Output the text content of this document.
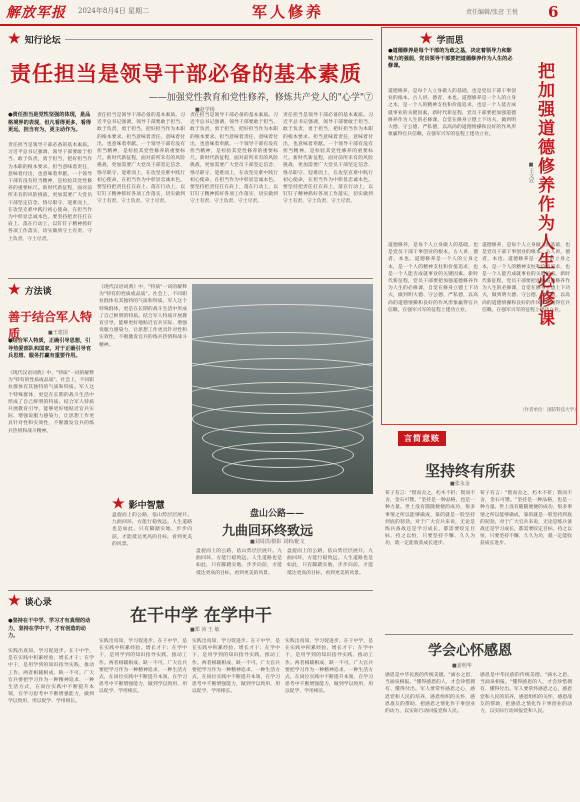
解放军报 2024年8月4日 星期二	军人修养	责任编辑/张萱 王悦 6
★ 知行论坛
责任担当是领导干部必备的基本素质
——加强党性教育和党性修养，修炼共产党人的"心学"⑦
■赵学杨
●责任担当是党性坚强的体现，是品格境界的表现，但凡看得更多，看得更远，担当有为，更主动作为。
责任担当是领导干部必备的基本素质。习近平总书记强调，领导干部要敢于担当、敢于负责，勇于担当，把好担当作为本职的根本要求。担当意味着责任，意味着付出，也意味着奉献。一个领导干部有没有担当精神，是检验其党性修养的重要标尺。新时代新征程，面对前所未有的风险挑战，更加需要广大党员干部坚定信念、恪尽职守、迎难而上，在攻坚克难中践行初心使命，在担当作为中彰显忠诚本色。要坚持把责任扛在肩上、落在行动上，以钉钉子精神抓好各项工作落实，切实做到守土有责、守土负责、守土尽责。
责任担当是领导干部必备的基本素质。习近平总书记强调，领导干部要敢于担当、敢于负责，勇于担当，把好担当作为本职的根本要求。担当意味着责任，意味着付出，也意味着奉献。一个领导干部有没有担当精神，是检验其党性修养的重要标尺。新时代新征程，面对前所未有的风险挑战，更加需要广大党员干部坚定信念、恪尽职守、迎难而上，在攻坚克难中践行初心使命，在担当作为中彰显忠诚本色。要坚持把责任扛在肩上、落在行动上，以钉钉子精神抓好各项工作落实，切实做到守土有责、守土负责、守土尽责。
责任担当是领导干部必备的基本素质。习近平总书记强调，领导干部要敢于担当、敢于负责，勇于担当，把好担当作为本职的根本要求。担当意味着责任，意味着付出，也意味着奉献。一个领导干部有没有担当精神，是检验其党性修养的重要标尺。新时代新征程，面对前所未有的风险挑战，更加需要广大党员干部坚定信念、恪尽职守、迎难而上，在攻坚克难中践行初心使命，在担当作为中彰显忠诚本色。要坚持把责任扛在肩上、落在行动上，以钉钉子精神抓好各项工作落实，切实做到守土有责、守土负责、守土尽责。
责任担当是领导干部必备的基本素质。习近平总书记强调，领导干部要敢于担当、敢于负责，勇于担当，把好担当作为本职的根本要求。担当意味着责任，意味着付出，也意味着奉献。一个领导干部有没有担当精神，是检验其党性修养的重要标尺。新时代新征程，面对前所未有的风险挑战，更加需要广大党员干部坚定信念、恪尽职守、迎难而上，在攻坚克难中践行初心使命，在担当作为中彰显忠诚本色。要坚持把责任扛在肩上、落在行动上，以钉钉子精神抓好各项工作落实，切实做到守土有责、守土负责、守土尽责。
★ 方法谈
善于结合军人特质	■王建国
●结合军人特质，正确引导思想，引导热爱部队和国家，对于正确引导官兵思想、服务打赢有重要作用。
《现代汉语词典》中，"特质"一词的解释为"特有的性质或品质"。社会上，不同职业群体有其独特的气质和特质。军人这个特殊群体，更是在长期的战斗生活中形成了自己鲜明的特质。结合军人特质开展教育引导，能够更好地贴近官兵实际、增强说服力感染力，让思想工作更具针对性和实效性，不断激发官兵的练兵热情和战斗精神。
《现代汉语词典》中，"特质"一词的解释为"特有的性质或品质"。社会上，不同职业群体有其独特的气质和特质。军人这个特殊群体，更是在长期的战斗生活中形成了自己鲜明的特质。结合军人特质开展教育引导，能够更好地贴近官兵实际、增强说服力感染力，让思想工作更具针对性和实效性，不断激发官兵的练兵热情和战斗精神。
★ 影中智慧
盘旋而上的公路，依山势层层展开。九曲回环，方能行稳致远。人生道路也是如此，只有脚踏实地、步步向前，才能抵达更高的目标，看到更美的风景。
盘山公路——
九曲回环终致远
■刘周洪/摄影 刘莉/配文
盘旋而上的公路，依山势层层展开。九曲回环，方能行稳致远。人生道路也是如此，只有脚踏实地、步步向前，才能抵达更高的目标，看到更美的风景。
盘旋而上的公路，依山势层层展开。九曲回环，方能行稳致远。人生道路也是如此，只有脚踏实地、步步向前，才能抵达更高的目标，看到更美的风景。
★ 谈心录
在干中学 在学中干
■郑 涛 王 敏
●坚持在干中学、学习才有真理的动力，坚持在学中干，才有创造的动力。
实践出真知，学习促进步。在干中学，是在实践中积累经验、增长才干；在学中干，是用学到的知识指导实践、推动工作。两者相辅相成、缺一不可。广大官兵要把学习作为一种精神追求、一种生活方式，在岗位实践中不断提升本领，在学习思考中不断增强能力，做到学以致用、用以促学、学用相长。
实践出真知，学习促进步。在干中学，是在实践中积累经验、增长才干；在学中干，是用学到的知识指导实践、推动工作。两者相辅相成、缺一不可。广大官兵要把学习作为一种精神追求、一种生活方式，在岗位实践中不断提升本领，在学习思考中不断增强能力，做到学以致用、用以促学、学用相长。
实践出真知，学习促进步。在干中学，是在实践中积累经验、增长才干；在学中干，是用学到的知识指导实践、推动工作。两者相辅相成、缺一不可。广大官兵要把学习作为一种精神追求、一种生活方式，在岗位实践中不断提升本领，在学习思考中不断增强能力，做到学以致用、用以促学、学用相长。
实践出真知，学习促进步。在干中学，是在实践中积累经验、增长才干；在学中干，是用学到的知识指导实践、推动工作。两者相辅相成、缺一不可。广大官兵要把学习作为一种精神追求、一种生活方式，在岗位实践中不断提升本领，在学习思考中不断增强能力，做到学以致用、用以促学、学用相长。
★ 学而思
●道德修养是每个干部的为政之基，决定着领导力和影响力的强弱，党员领导干部要把道德修养作为人生的必修课。	把加强道德修养作为人生必修课
■王文冠
道德修养，是每个人立身做人的基础，也是党员干部干事创业的根本。古人讲，德者，本也。道德修养是一个人的立身之本，是一个人的精神支柱和价值追求，也是一个人能否成就事业的关键因素。新时代新征程，党员干部要把加强道德修养作为人生的必修课，自觉在修身立德上下功夫，做到明大德、守公德、严私德，以高尚的道德情操和良好的作风形象赢得官兵信赖，在强军兴军的征程上建功立业。
道德修养，是每个人立身做人的基础，也是党员干部干事创业的根本。古人讲，德者，本也。道德修养是一个人的立身之本，是一个人的精神支柱和价值追求，也是一个人能否成就事业的关键因素。新时代新征程，党员干部要把加强道德修养作为人生的必修课，自觉在修身立德上下功夫，做到明大德、守公德、严私德，以高尚的道德情操和良好的作风形象赢得官兵信赖，在强军兴军的征程上建功立业。
道德修养，是每个人立身做人的基础，也是党员干部干事创业的根本。古人讲，德者，本也。道德修养是一个人的立身之本，是一个人的精神支柱和价值追求，也是一个人能否成就事业的关键因素。新时代新征程，党员干部要把加强道德修养作为人生的必修课，自觉在修身立德上下功夫，做到明大德、守公德、严私德，以高尚的道德情操和良好的作风形象赢得官兵信赖，在强军兴军的征程上建功立业。
（作者单位：国防科技大学）
言简意赅
坚持终有所获
■张永金
荀子有言："锲而舍之，朽木不折；锲而不舍，金石可镂。"坚持是一种品格，也是一种力量。世上没有随随便便的成功，很多事情之所以能够做成，靠的就是一股坚持到底的韧劲。对于广大官兵来说，无论是练兵备战还是学习成长，都需要咬定目标、持之以恒，只要坚持不懈、久久为功，就一定能收获成长进步。
荀子有言："锲而舍之，朽木不折；锲而不舍，金石可镂。"坚持是一种品格，也是一种力量。世上没有随随便便的成功，很多事情之所以能够做成，靠的就是一股坚持到底的韧劲。对于广大官兵来说，无论是练兵备战还是学习成长，都需要咬定目标、持之以恒，只要坚持不懈、久久为功，就一定能收获成长进步。
学会心怀感恩
■姜明华
感恩是中华民族的传统美德。"滴水之恩，当涌泉相报。"懂得感恩的人，才会珍惜拥有、懂得付出。军人要常怀感恩之心，感恩党和人民的培养，感恩组织的关怀，感恩战友的帮助，把感恩之情化作干事创业的动力，以实际行动回报党和人民。
感恩是中华民族的传统美德。"滴水之恩，当涌泉相报。"懂得感恩的人，才会珍惜拥有、懂得付出。军人要常怀感恩之心，感恩党和人民的培养，感恩组织的关怀，感恩战友的帮助，把感恩之情化作干事创业的动力，以实际行动回报党和人民。
